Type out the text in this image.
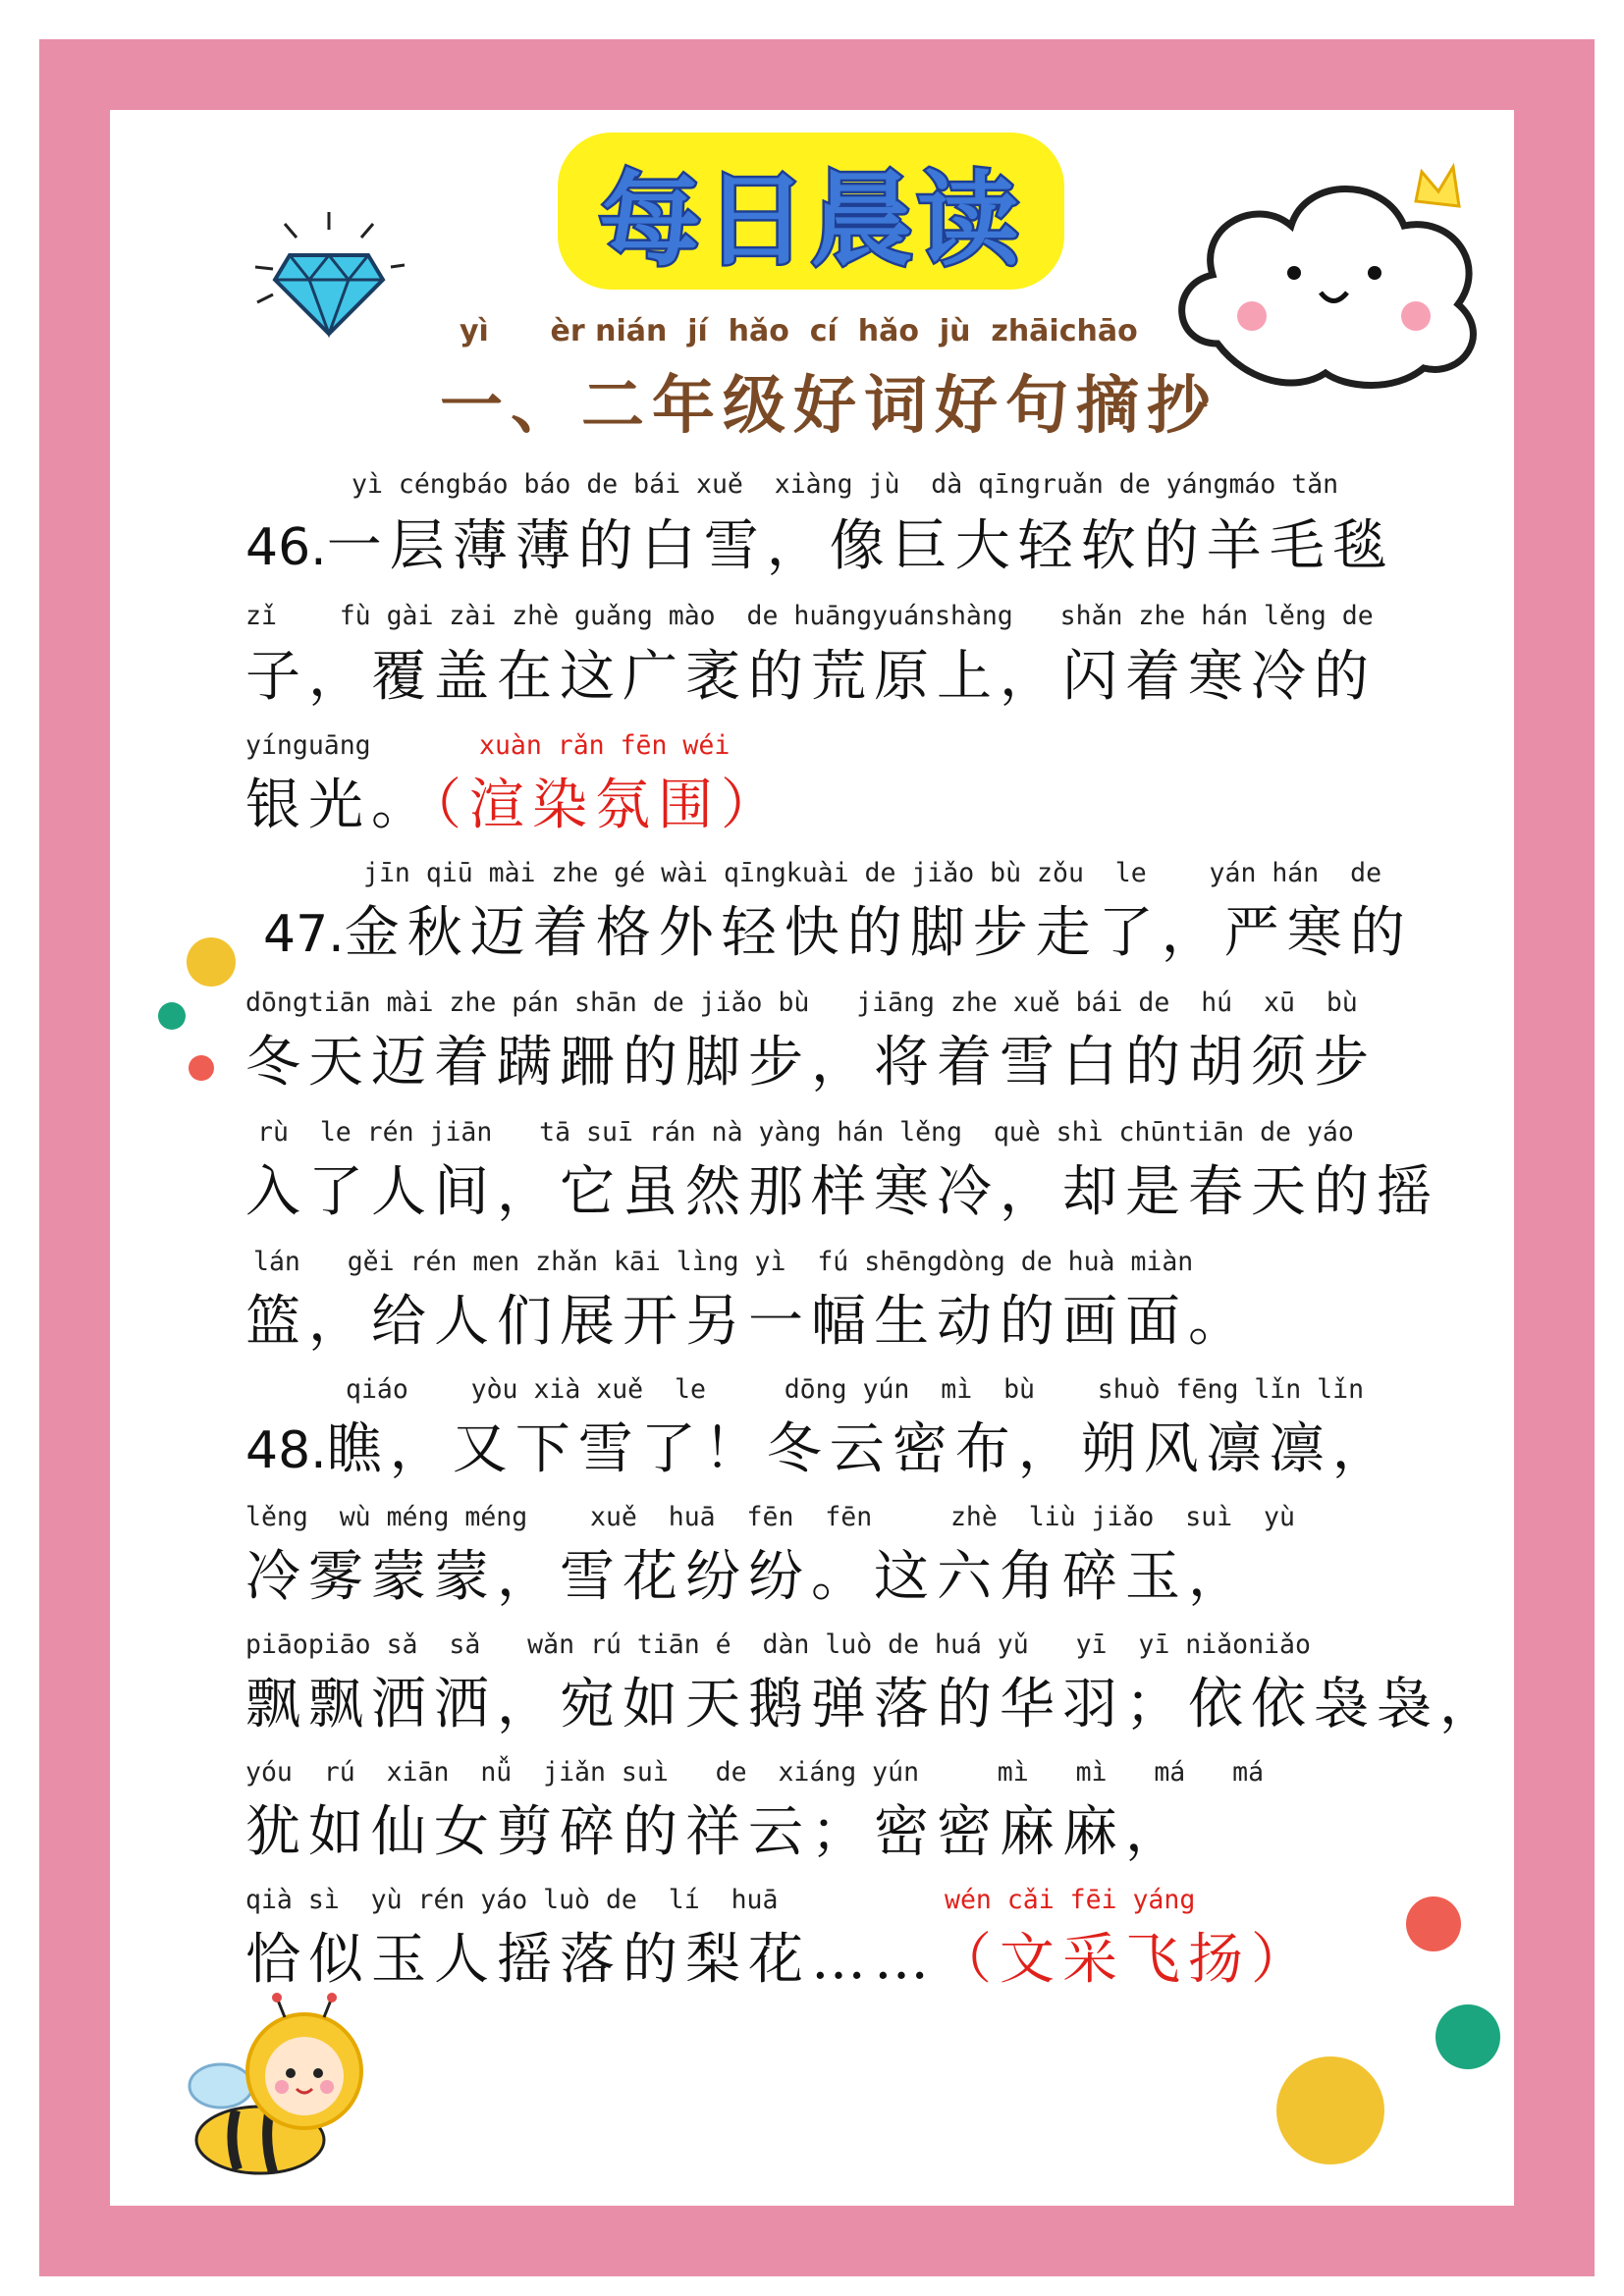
每日晨读
yì      èr nián  jí  hǎo  cí  hǎo  jù  zhāichāo
一、二年级好词好句摘抄
yì céngbáo báo de bái xuě  xiàng jù  dà qīngruǎn de yángmáo tǎn
46.一层薄薄的白雪，像巨大轻软的羊毛毯
zǐ    fù gài zài zhè guǎng mào  de huāngyuánshàng   shǎn zhe hán lěng de
子，覆盖在这广袤的荒原上，闪着寒冷的
yínguāng	xuàn rǎn fēn wéi
银光。（渲染氛围）
jīn qiū mài zhe gé wài qīngkuài de jiǎo bù zǒu  le    yán hán  de
47.金秋迈着格外轻快的脚步走了，严寒的
dōngtiān mài zhe pán shān de jiǎo bù   jiāng zhe xuě bái de  hú  xū  bù
冬天迈着蹒跚的脚步，将着雪白的胡须步
rù  le rén jiān   tā suī rán nà yàng hán lěng  què shì chūntiān de yáo
入了人间，它虽然那样寒冷，却是春天的摇
lán   gěi rén men zhǎn kāi lìng yì  fú shēngdòng de huà miàn
篮，给人们展开另一幅生动的画面。
qiáo    yòu xià xuě  le     dōng yún  mì  bù    shuò fēng lǐn lǐn
48.瞧，又下雪了！冬云密布，朔风凛凛，
lěng  wù méng méng    xuě  huā  fēn  fēn     zhè  liù jiǎo  suì  yù
冷雾蒙蒙，雪花纷纷。这六角碎玉，
piāopiāo sǎ  sǎ   wǎn rú tiān é  dàn luò de huá yǔ   yī  yī niǎoniǎo
飘飘洒洒，宛如天鹅弹落的华羽；依依袅袅，
yóu  rú  xiān  nǚ  jiǎn suì   de  xiáng yún     mì   mì   má   má
犹如仙女剪碎的祥云；密密麻麻，
qià sì  yù rén yáo luò de  lí  huā	wén cǎi fēi yáng
恰似玉人摇落的梨花……（文采飞扬）
